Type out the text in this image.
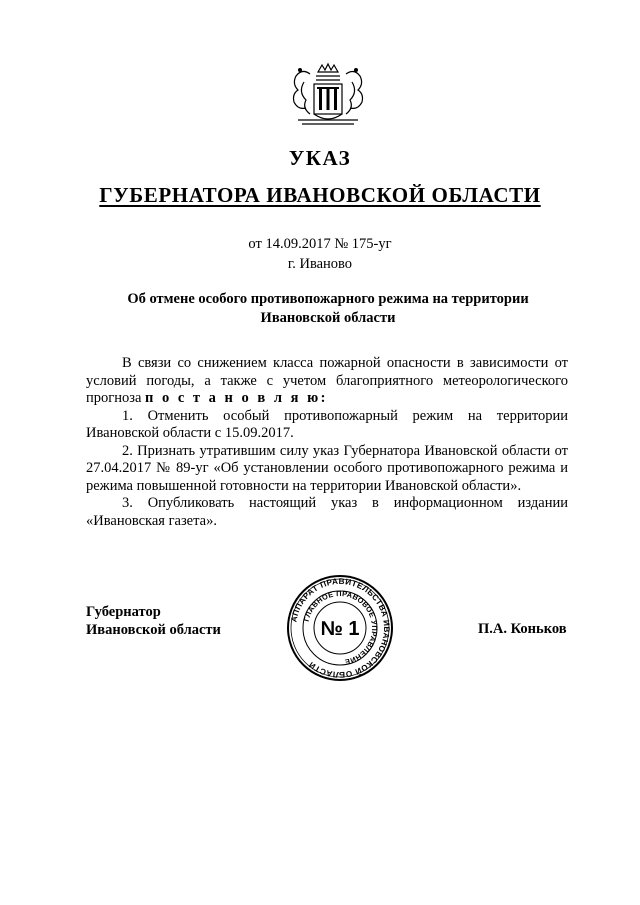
УКАЗ
ГУБЕРНАТОРА ИВАНОВСКОЙ ОБЛАСТИ
от 14.09.2017 № 175-уг
г. Иваново
Об отмене особого противопожарного режима на территории
Ивановской области

В связи со снижением класса пожарной опасности в зависимости от условий погоды, а также с учетом благоприятного метеорологического прогноза п о с т а н о в л я ю:

1. Отменить особый противопожарный режим на территории Ивановской области с 15.09.2017.

2. Признать утратившим силу указ Губернатора Ивановской области от 27.04.2017 № 89-уг «Об установлении особого противопожарного режима и режима повышенной готовности на территории Ивановской области».

3. Опубликовать настоящий указ в информационном издании «Ивановская газета».

Губернатор
Ивановской области	П.А. Коньков
АППАРАТ ПРАВИТЕЛЬСТВА ИВАНОВСКОЙ ОБЛАСТИ
ГЛАВНОЕ ПРАВОВОЕ УПРАВЛЕНИЕ
№ 1
